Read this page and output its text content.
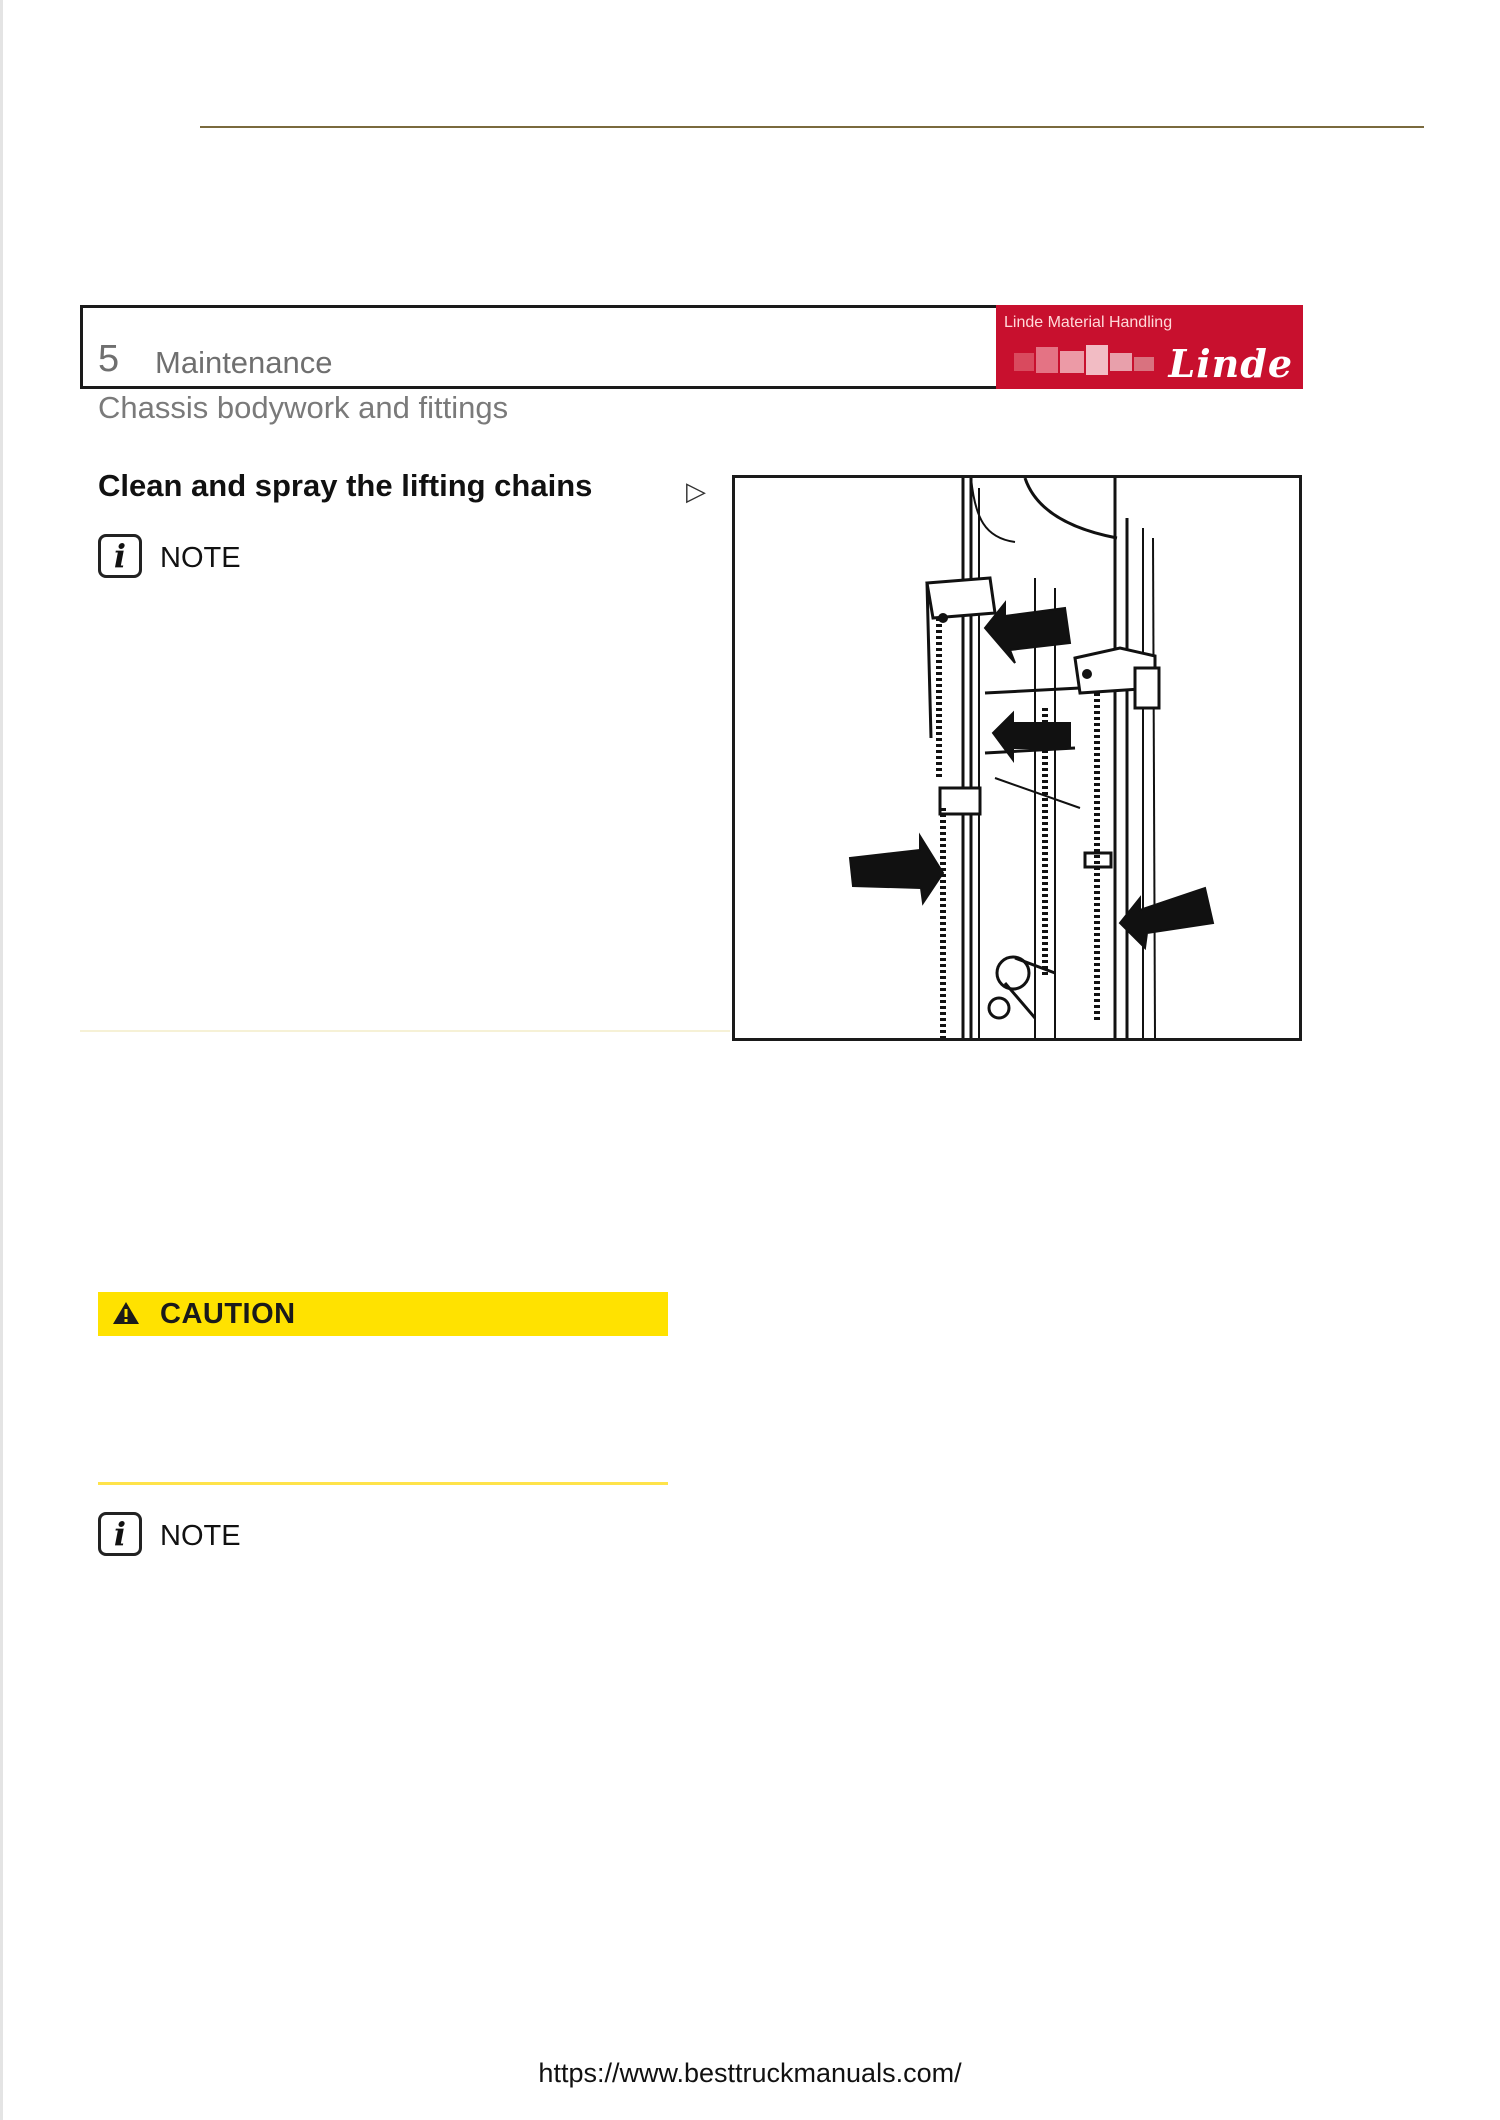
5 Maintenance
Linde Material Handling
Linde
Chassis bodywork and fittings
Clean and spray the lifting chains	▷
i	NOTE
CAUTION
i	NOTE
https://www.besttruckmanuals.com/
